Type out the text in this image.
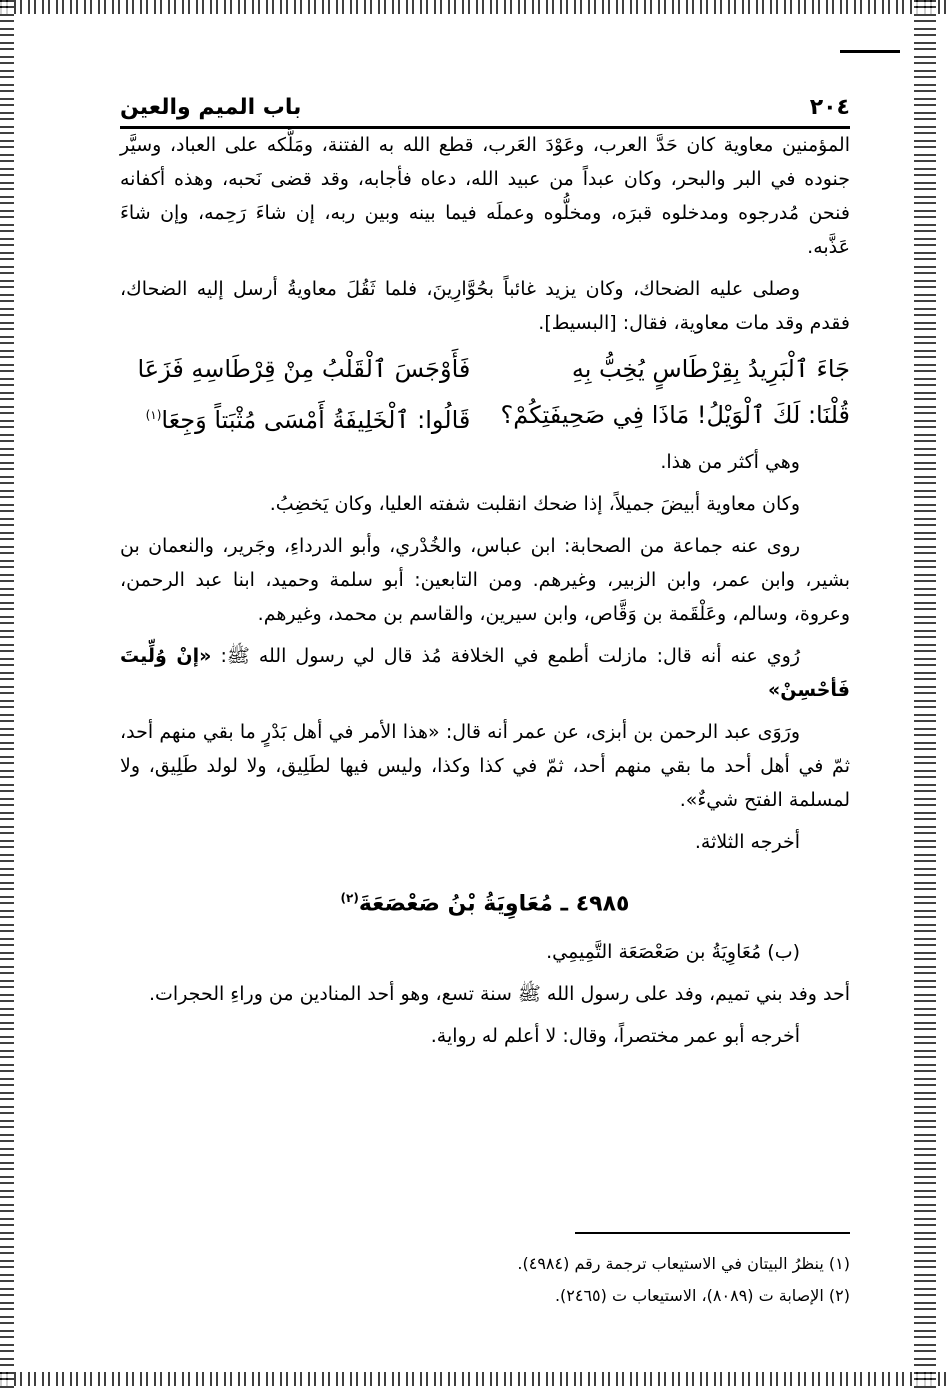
٢٠٤
باب الميم والعين

المؤمنين معاوية كان حَدَّ العرب، وعَوْدَ العَرب، قطع الله به الفتنة، ومَلَّكه على العباد، وسيَّر جنوده في البر والبحر، وكان عبداً من عبيد الله، دعاه فأجابه، وقد قضى نَحبه، وهذه أكفانه فنحن مُدرجوه ومدخلوه قبرَه، ومخلُّوه وعملَه فيما بينه وبين ربه، إن شاءَ رَحِمه، وإن شاءَ عَذَّبه.

وصلى عليه الضحاك، وكان يزيد غائباً بحُوَّارِينَ، فلما ثَقُلَ معاويةُ أرسل إليه الضحاك، فقدم وقد مات معاوية، فقال: [البسيط].

جَاءَ ٱلْبَرِيدُ بِقِرْطَاسٍ يُخِبُّ بِهِ
فَأَوْجَسَ ٱلْقَلْبُ مِنْ قِرْطَاسِهِ فَزَعَا
قُلْنَا: لَكَ ٱلْوَيْلُ! مَاذَا فِي صَحِيفَتِكُمْ؟
قَالُوا: ٱلْخَلِيفَةُ أَمْسَى مُثْبَتاً وَجِعَا$^{(١)}$

وهي أكثر من هذا.

وكان معاوية أبيضَ جميلاً، إذا ضحك انقلبت شفته العليا، وكان يَخضِبُ.

روى عنه جماعة من الصحابة: ابن عباس، والخُدْري، وأبو الدرداءِ، وجَرير، والنعمان بن بشير، وابن عمر، وابن الزبير، وغيرهم. ومن التابعين: أبو سلمة وحميد، ابنا عبد الرحمن، وعروة، وسالم، وعَلْقَمة بن وَقَّاص، وابن سيرين، والقاسم بن محمد، وغيرهم.

رُوي عنه أنه قال: مازلت أطمع في الخلافة مُذ قال لي رسول الله ﷺ: «إنْ وُلِّيتَ فَأحْسِنْ»

ورَوَى عبد الرحمن بن أبزى، عن عمر أنه قال: «هذا الأمر في أهل بَدْرٍ ما بقي منهم أحد، ثمّ في أهل أحد ما بقي منهم أحد، ثمّ في كذا وكذا، وليس فيها لطَلِيق، ولا لولد طَلِيق، ولا لمسلمة الفتح شيءٌ».

أخرجه الثلاثة.

٤٩٨٥ ـ مُعَاوِيَةُ بْنُ صَعْصَعَةَ$^{(٢)}$

(ب) مُعَاوِيَةُ بن صَعْصَعَة التَّمِيمِي.

أحد وفد بني تميم، وفد على رسول الله ﷺ سنة تسع، وهو أحد المنادين من وراءِ الحجرات.

أخرجه أبو عمر مختصراً، وقال: لا أعلم له رواية.

(١) ينظرُ البيتان في الاستيعاب ترجمة رقم (٤٩٨٤).

(٢) الإصابة ت (٨٠٨٩)، الاستيعاب ت (٢٤٦٥).
